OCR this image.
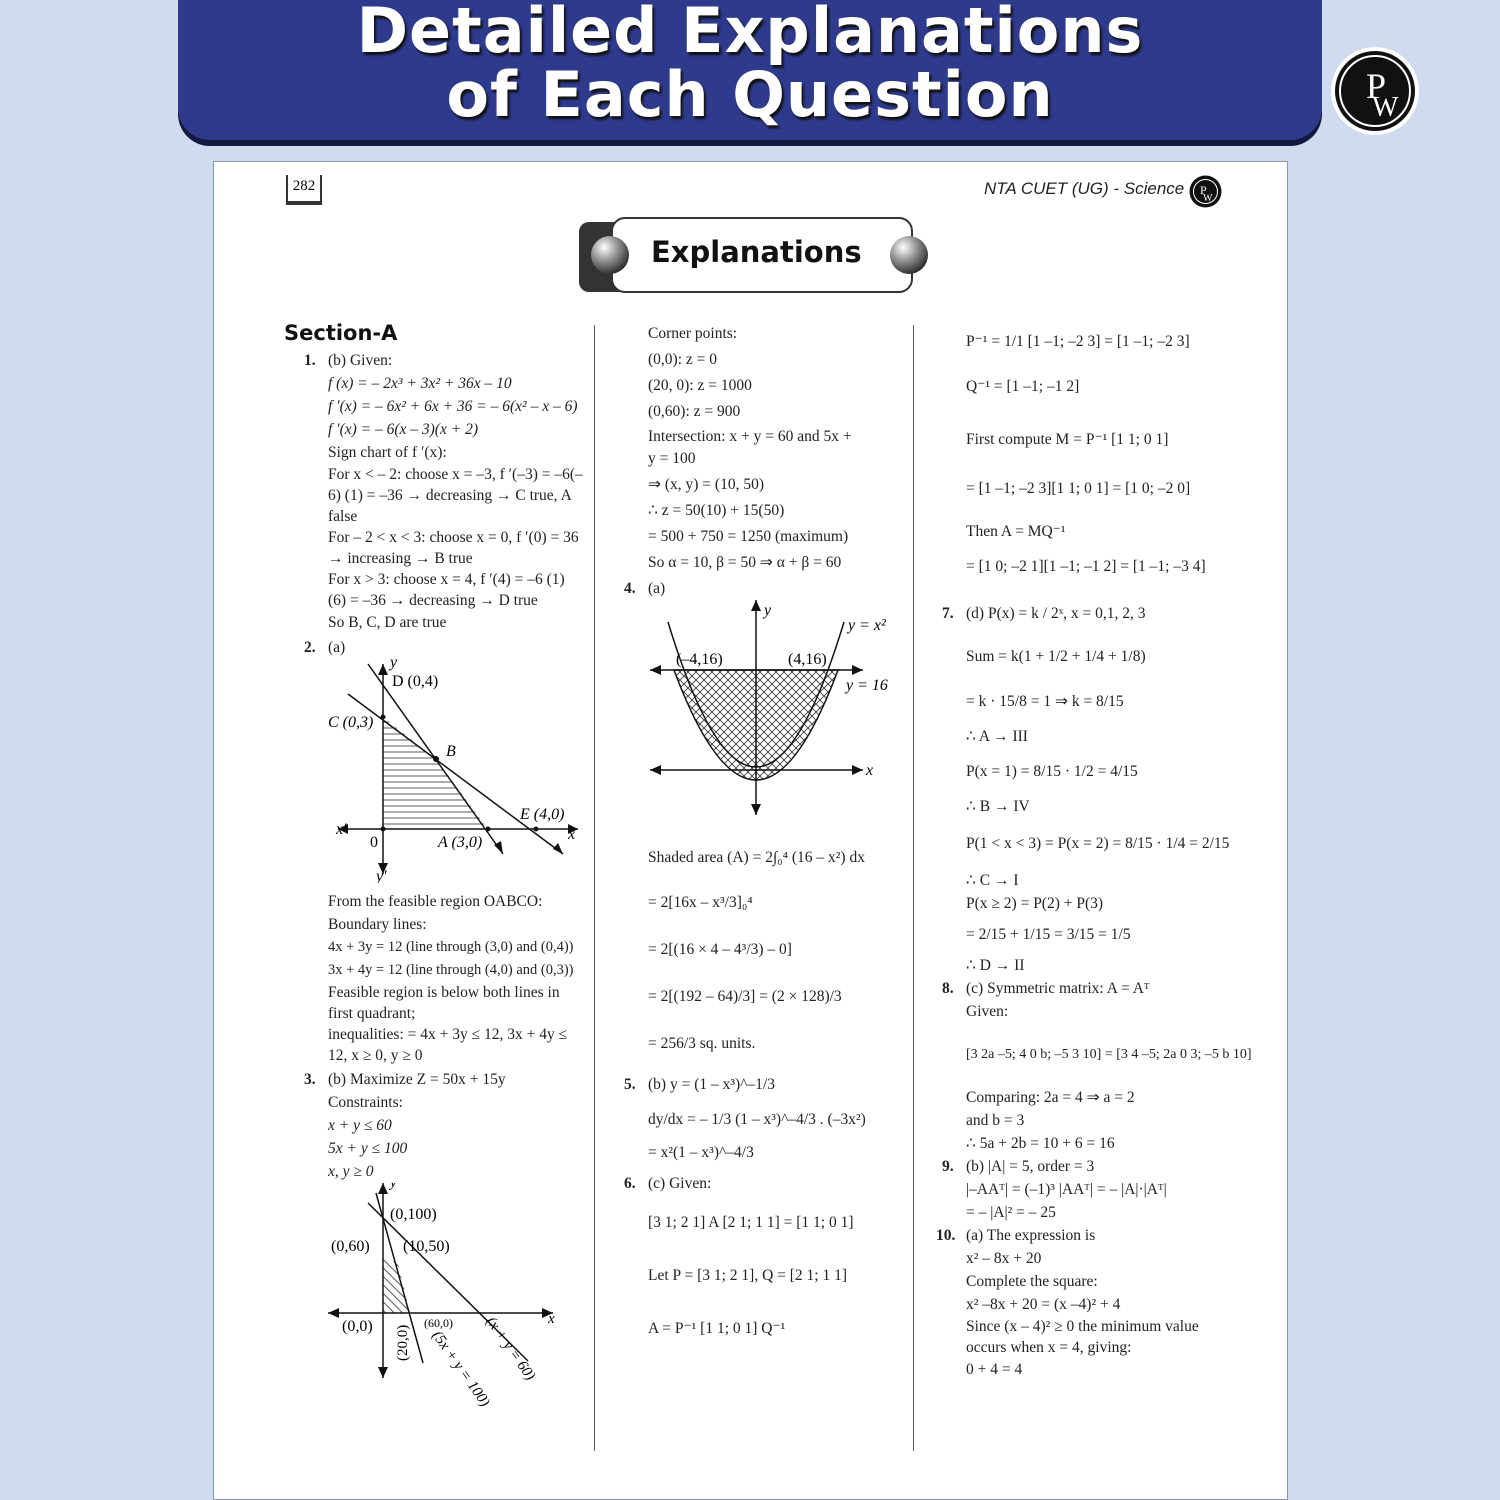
Detailed Explanations
of Each Question	P
W
282	NTA CUET (UG) - Science P
W
Explanations
Section-A
1. (b) Given:
f (x) = – 2x³ + 3x² + 36x – 10
f ′(x) = – 6x² + 6x + 36 = – 6(x² – x – 6)
f ′(x) = – 6(x – 3)(x + 2)
Sign chart of f ′(x):
For x < – 2: choose x = –3, f ′(–3) = –6(–6) (1) = –36 → decreasing → C true, A false
For – 2 < x < 3: choose x = 0, f ′(0) = 36 → increasing → B true
For x > 3: choose x = 4, f ′(4) = –6 (1) (6) = –36 → decreasing → D true
So B, C, D are true
2. (a)
D (0,4)
C (0,3)
B
E (4,0)
A (3,0)	x
x′
y
y′
0
From the feasible region OABCO:
Boundary lines:
4x + 3y = 12 (line through (3,0) and (0,4))
3x + 4y = 12 (line through (4,0) and (0,3))
Feasible region is below both lines in first quadrant;
inequalities: = 4x + 3y ≤ 12, 3x + 4y ≤ 12, x ≥ 0, y ≥ 0
3. (b) Maximize Z = 50x + 15y
Constraints:
x + y ≤ 60
5x + y ≤ 100
x, y ≥ 0
y
(0,100)
(0,60) (10,50)
(0,0)	(60,0)	x
(20,0)	(x + y = 60)
(5x + y = 100)
Corner points:
(0,0): z = 0
(20, 0): z = 1000
(0,60): z = 900
Intersection: x + y = 60 and 5x + y = 100
⇒ (x, y) = (10, 50)
∴ z = 50(10) + 15(50)
= 500 + 750 = 1250 (maximum)
So α = 10, β = 50 ⇒ α + β = 60
4. (a)
y
y = x²
(–4,16)	(4,16)
y = 16
x
Shaded area (A) = 2∫₀⁴ (16 – x²) dx
= 2[16x – x³/3]₀⁴
= 2[(16 × 4 – 4³/3) – 0]
= 2[(192 – 64)/3] = (2 × 128)/3
= 256/3 sq. units.
5. (b) y = (1 – x³)^–1/3
dy/dx = – 1/3 (1 – x³)^–4/3 . (–3x²)
= x²(1 – x³)^–4/3
6. (c) Given:
[3 1; 2 1] A [2 1; 1 1] = [1 1; 0 1]
Let P = [3 1; 2 1], Q = [2 1; 1 1]
A = P⁻¹ [1 1; 0 1] Q⁻¹
P⁻¹ = 1/1 [1 –1; –2 3] = [1 –1; –2 3]
Q⁻¹ = [1 –1; –1 2]
First compute M = P⁻¹ [1 1; 0 1]
= [1 –1; –2 3][1 1; 0 1] = [1 0; –2 0]
Then A = MQ⁻¹
= [1 0; –2 1][1 –1; –1 2] = [1 –1; –3 4]
7. (d) P(x) = k / 2ˣ, x = 0,1, 2, 3
Sum = k(1 + 1/2 + 1/4 + 1/8)
= k · 15/8 = 1 ⇒ k = 8/15
∴ A → III
P(x = 1) = 8/15 · 1/2 = 4/15
∴ B → IV
P(1 < x < 3) = P(x = 2) = 8/15 · 1/4 = 2/15
∴ C → I
P(x ≥ 2) = P(2) + P(3)
= 2/15 + 1/15 = 3/15 = 1/5
∴ D → II
8. (c) Symmetric matrix: A = Aᵀ
Given:
[3 2a –5; 4 0 b; –5 3 10] = [3 4 –5; 2a 0 3; –5 b 10]
Comparing: 2a = 4 ⇒ a = 2
and b = 3
∴ 5a + 2b = 10 + 6 = 16
9. (b) |A| = 5, order = 3
|–AAᵀ| = (–1)³ |AAᵀ| = – |A|·|Aᵀ|
= – |A|² = – 25
10. (a) The expression is
x² – 8x + 20
Complete the square:
x² –8x + 20 = (x –4)² + 4
Since (x – 4)² ≥ 0 the minimum value occurs when x = 4, giving:
0 + 4 = 4
